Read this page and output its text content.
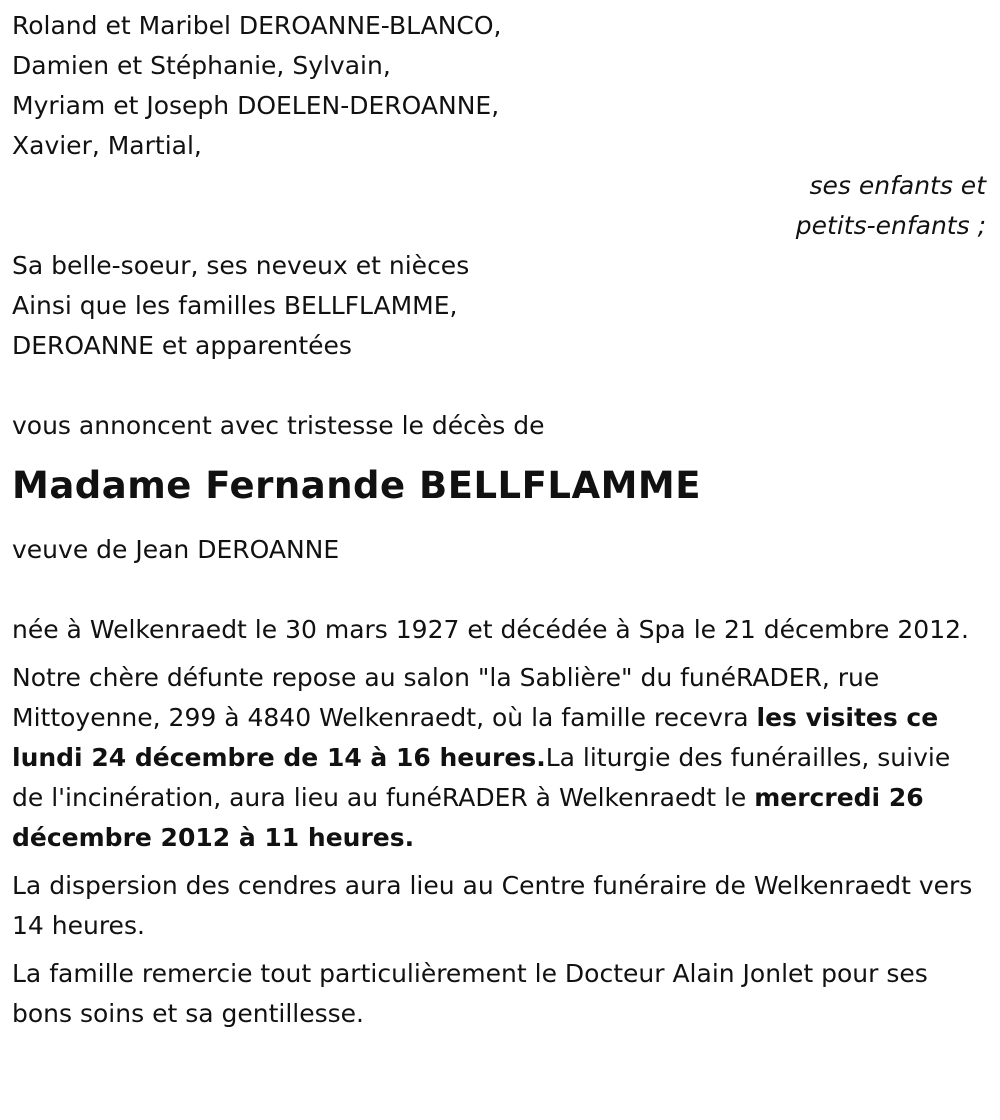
Roland et Maribel DEROANNE-BLANCO,
Damien et Stéphanie, Sylvain,
Myriam et Joseph DOELEN-DEROANNE,
Xavier, Martial,
ses enfants et
petits-enfants ;
Sa belle-soeur, ses neveux et nièces
Ainsi que les familles BELLFLAMME,
DEROANNE et apparentées
vous annoncent avec tristesse le décès de
Madame Fernande BELLFLAMME
veuve de Jean DEROANNE

née à Welkenraedt le 30 mars 1927 et décédée à Spa le 21 décembre 2012.

Notre chère défunte repose au salon "la Sablière" du funéRADER, rue Mittoyenne, 299 à 4840 Welkenraedt, où la famille recevra les visites ce lundi 24 décembre de 14 à 16 heures.La liturgie des funérailles, suivie de l'incinération, aura lieu au funéRADER à Welkenraedt le mercredi 26 décembre 2012 à 11 heures.

La dispersion des cendres aura lieu au Centre funéraire de Welkenraedt vers 14 heures.

La famille remercie tout particulièrement le Docteur Alain Jonlet pour ses bons soins et sa gentillesse.
